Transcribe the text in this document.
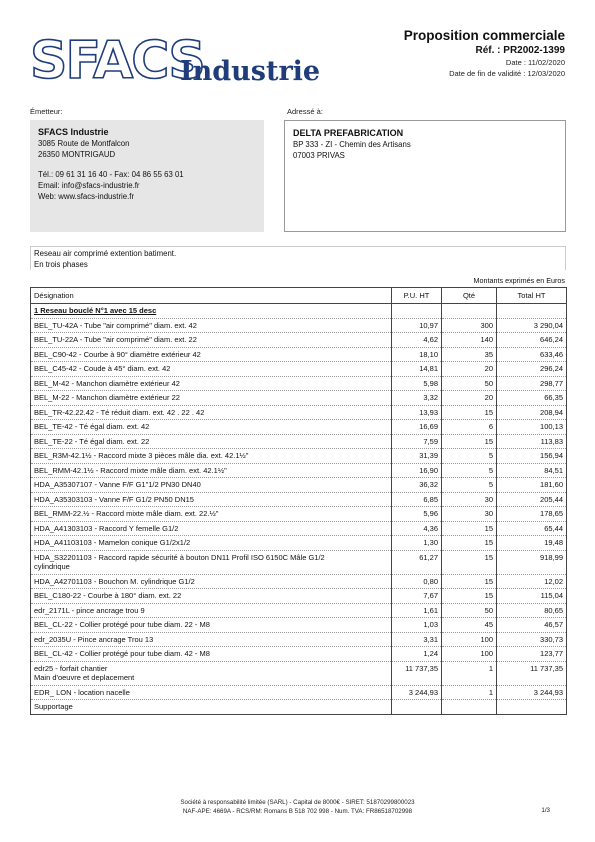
SFACS
Industrie
Proposition commerciale
Réf. : PR2002-1399
Date : 11/02/2020
Date de fin de validité : 12/03/2020
Émetteur:	Adressé à:
SFACS Industrie
3085 Route de Montfalcon
26350 MONTRIGAUD
Tél.: 09 61 31 16 40 - Fax: 04 86 55 63 01
Email: info@sfacs-industrie.fr
Web: www.sfacs-industrie.fr
DELTA PREFABRICATION
BP 333 - ZI - Chemin des Artisans
07003 PRIVAS
Reseau air comprimé extention batiment.
En trois phases
Montants exprimés en Euros
Désignation	P.U. HT	Qté	Total HT
1 Reseau bouclé N°1 avec 15 desc			

BEL_TU-42A - Tube "air comprimé" diam. ext. 42	10,97	300	3 290,04

BEL_TU-22A - Tube "air comprimé" diam. ext. 22	4,62	140	646,24

BEL_C90-42 - Courbe à 90° diamètre extérieur 42	18,10	35	633,46

BEL_C45-42 - Coude à 45° diam. ext. 42	14,81	20	296,24

BEL_M-42 - Manchon diamètre extérieur 42	5,98	50	298,77

BEL_M-22 - Manchon diamètre extérieur 22	3,32	20	66,35

BEL_TR-42.22.42 - Té réduit diam. ext. 42 . 22 . 42	13,93	15	208,94

BEL_TE-42 - Té égal diam. ext. 42	16,69	6	100,13

BEL_TE-22 - Té égal diam. ext. 22	7,59	15	113,83

BEL_R3M-42.1½ - Raccord mixte 3 pièces mâle dia. ext. 42.1½"	31,39	5	156,94

BEL_RMM-42.1½ - Raccord mixte mâle diam. ext. 42.1½"	16,90	5	84,51

HDA_A35307107 - Vanne F/F G1"1/2 PN30 DN40	36,32	5	181,60

HDA_A35303103 - Vanne F/F G1/2 PN50 DN15	6,85	30	205,44

BEL_RMM-22.½ - Raccord mixte mâle diam. ext. 22.½"	5,96	30	178,65

HDA_A41303103 - Raccord Y femelle G1/2	4,36	15	65,44

HDA_A41103103 - Mamelon conique G1/2x1/2	1,30	15	19,48

HDA_S32201103 - Raccord rapide sécurité à bouton DN11 Profil ISO 6150C Mâle G1/2
cylindrique	61,27	15	918,99

HDA_A42701103 - Bouchon M. cylindrique G1/2	0,80	15	12,02

BEL_C180-22 - Courbe à 180° diam. ext. 22	7,67	15	115,04

edr_2171L - pince ancrage trou 9	1,61	50	80,65

BEL_CL-22 - Collier protégé pour tube diam. 22 - M8	1,03	45	46,57

edr_2035U - Pince ancrage Trou 13	3,31	100	330,73

BEL_CL-42 - Collier protégé pour tube diam. 42 - M8	1,24	100	123,77

edr25 - forfait chantier
Main d'oeuvre et deplacement	11 737,35	1	11 737,35

EDR_ LON - location nacelle	3 244,93	1	3 244,93

Supportage			

Société à responsabilité limitée (SARL) - Capital de 8000€ - SIRET: 51870299800023
NAF-APE: 4669A - RCS/RM: Romans B 518 702 998 - Num. TVA: FR86518702998	1/3
